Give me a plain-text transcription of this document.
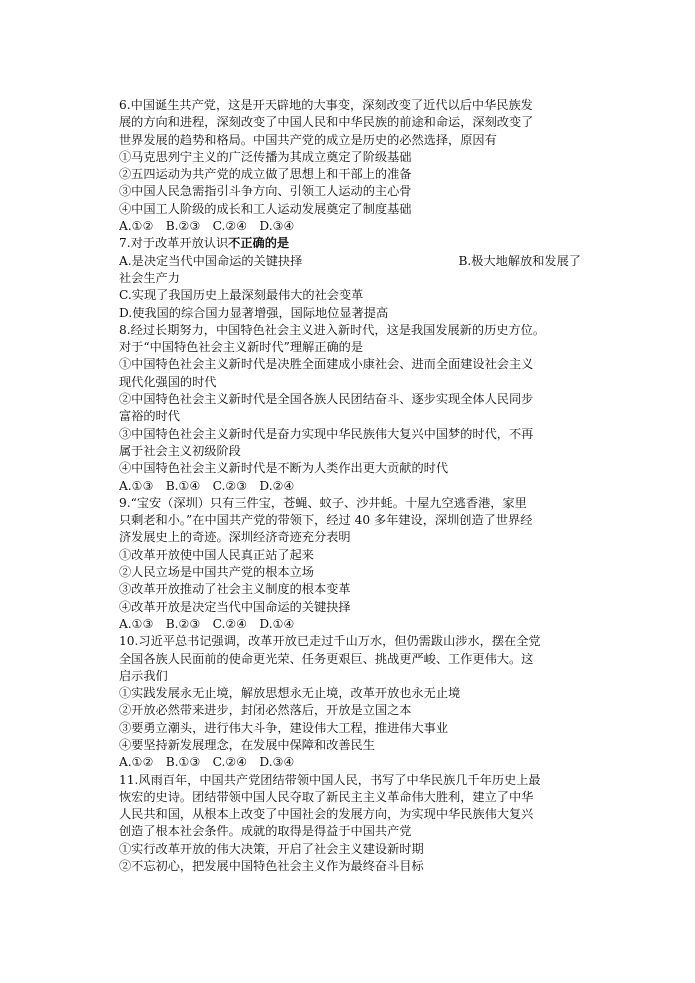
6.中国诞生共产党，这是开天辟地的大事变，深刻改变了近代以后中华民族发
展的方向和进程，深刻改变了中国人民和中华民族的前途和命运，深刻改变了
世界发展的趋势和格局。中国共产党的成立是历史的必然选择，原因有
①马克思列宁主义的广泛传播为其成立奠定了阶级基础
②五四运动为共产党的成立做了思想上和干部上的准备
③中国人民急需指引斗争方向、引领工人运动的主心骨
④中国工人阶级的成长和工人运动发展奠定了制度基础
A.①②　B.②③　C.②④　D.③④
7.对于改革开放认识不正确的是
A.是决定当代中国命运的关键抉择	B.极大地解放和发展了
社会生产力
C.实现了我国历史上最深刻最伟大的社会变革
D.使我国的综合国力显著增强，国际地位显著提高
8.经过长期努力，中国特色社会主义进入新时代，这是我国发展新的历史方位。
对于“中国特色社会主义新时代”理解正确的是
①中国特色社会主义新时代是决胜全面建成小康社会、进而全面建设社会主义
现代化强国的时代
②中国特色社会主义新时代是全国各族人民团结奋斗、逐步实现全体人民同步
富裕的时代
③中国特色社会主义新时代是奋力实现中华民族伟大复兴中国梦的时代，不再
属于社会主义初级阶段
④中国特色社会主义新时代是不断为人类作出更大贡献的时代
A.①③　B.①④　C.②③　D.②④
9.“宝安（深圳）只有三件宝，苍蝇、蚊子、沙井蚝。十屋九空逃香港，家里
只剩老和小。”在中国共产党的带领下，经过 40 多年建设，深圳创造了世界经
济发展史上的奇迹。深圳经济奇迹充分表明
①改革开放使中国人民真正站了起来
②人民立场是中国共产党的根本立场
③改革开放推动了社会主义制度的根本变革
④改革开放是决定当代中国命运的关键抉择
A.①③　B.②③　C.②④　D.①④
10.习近平总书记强调，改革开放已走过千山万水，但仍需跋山涉水，摆在全党
全国各族人民面前的使命更光荣、任务更艰巨、挑战更严峻、工作更伟大。这
启示我们
①实践发展永无止境，解放思想永无止境，改革开放也永无止境
②开放必然带来进步，封闭必然落后，开放是立国之本
③要勇立潮头，进行伟大斗争，建设伟大工程，推进伟大事业
④要坚持新发展理念，在发展中保障和改善民生
A.①②　B.①③　C.②④　D.③④
11.风雨百年，中国共产党团结带领中国人民，书写了中华民族几千年历史上最
恢宏的史诗。团结带领中国人民夺取了新民主主义革命伟大胜利，建立了中华
人民共和国，从根本上改变了中国社会的发展方向，为实现中华民族伟大复兴
创造了根本社会条件。成就的取得是得益于中国共产党
①实行改革开放的伟大决策，开启了社会主义建设新时期
②不忘初心，把发展中国特色社会主义作为最终奋斗目标
